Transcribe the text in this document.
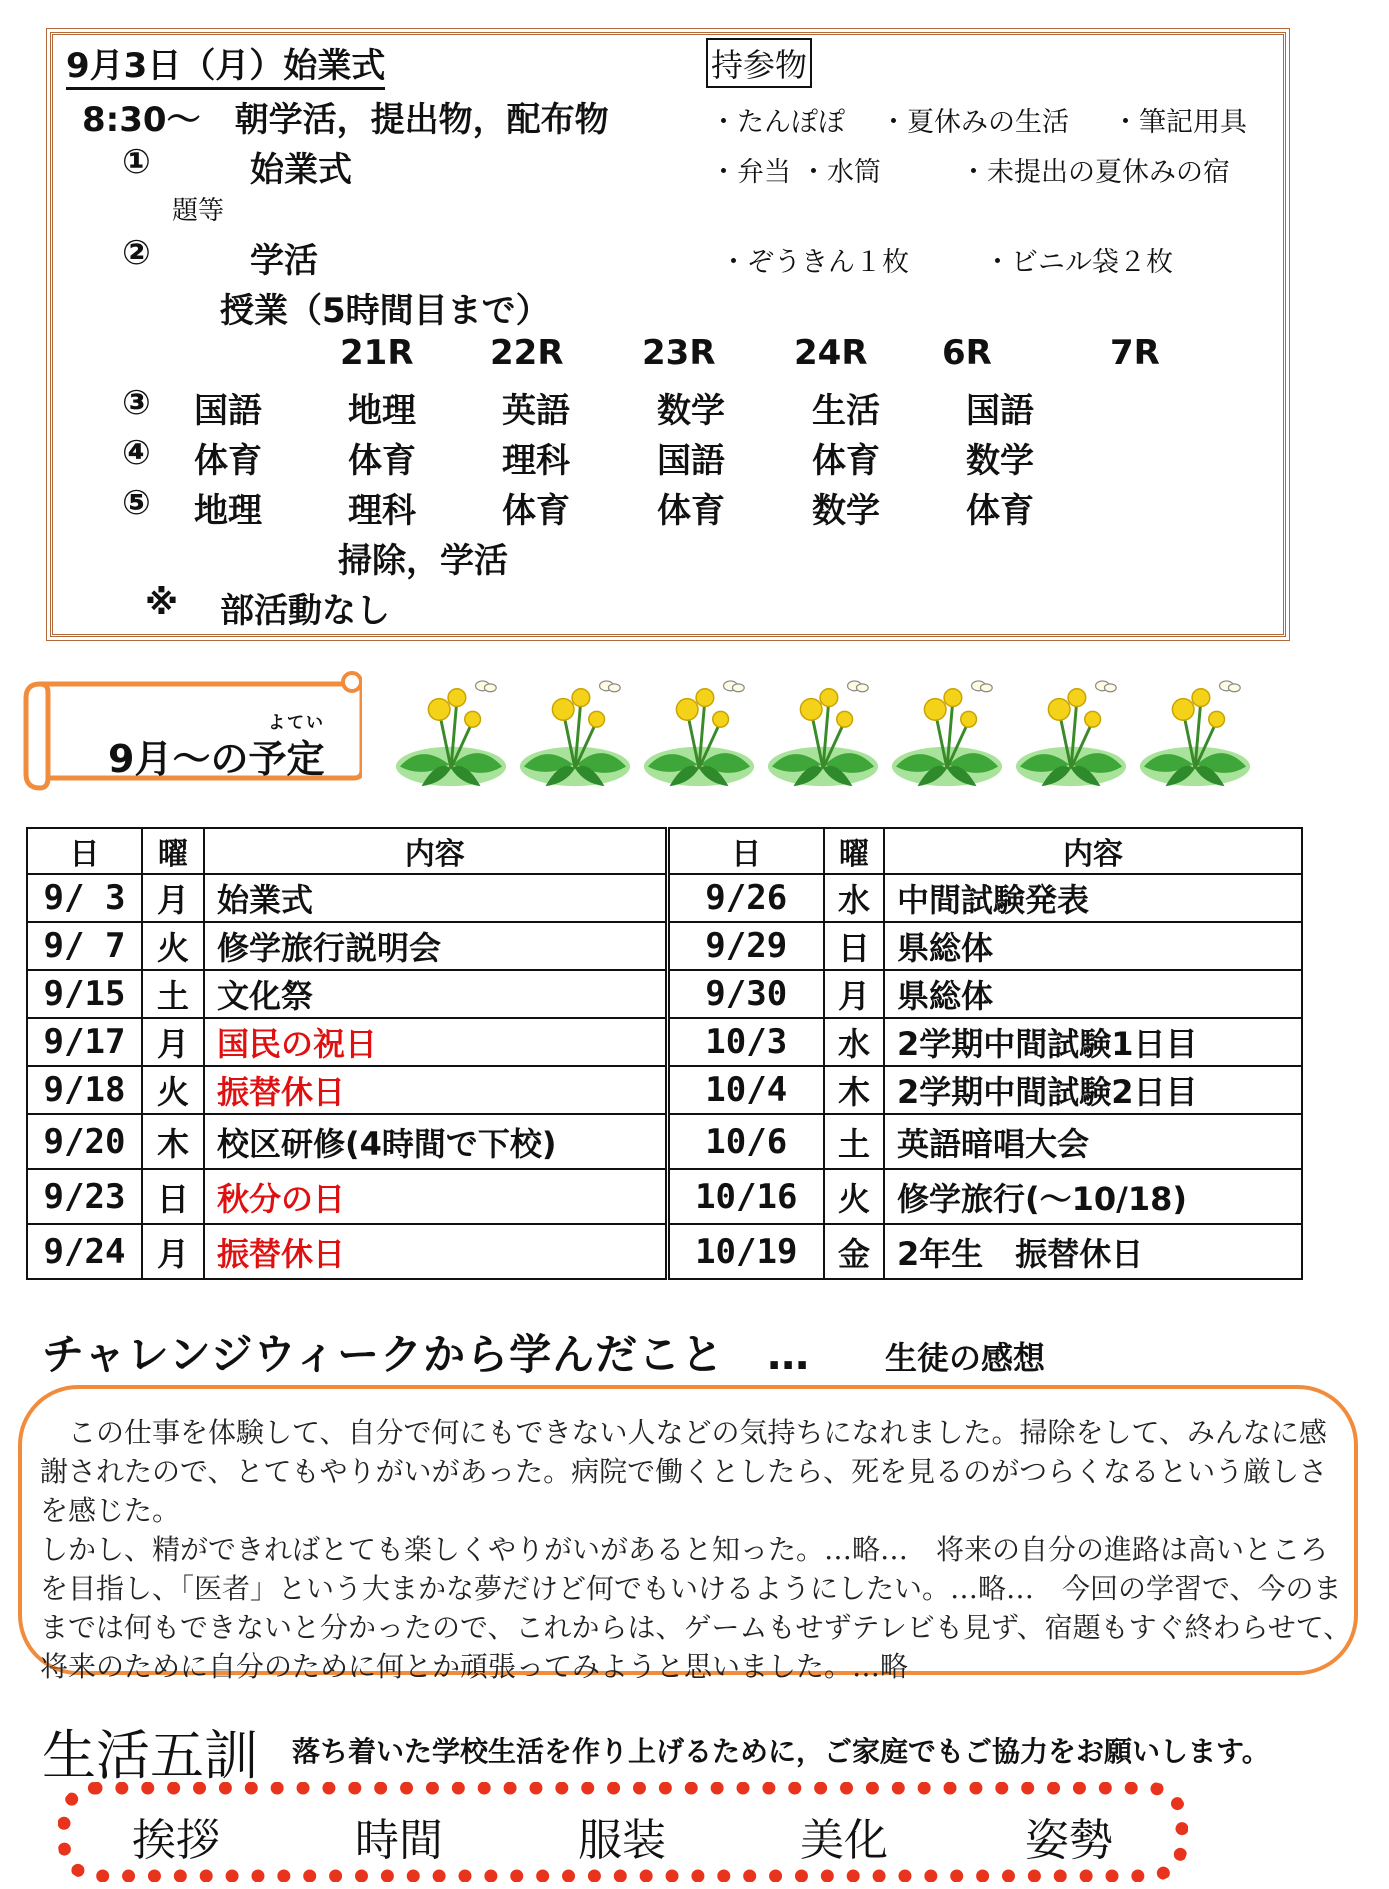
9月3日（月）始業式
8:30～　朝学活，提出物，配布物
①	始業式
題等
②	学活
授業（5時間目まで）
21R 22R 23R 24R 6R	7R
③ 国語	地理	英語	数学	生活	国語
④ 体育	体育	理科	国語	体育	数学
⑤ 地理	理科	体育	体育	数学	体育
掃除，学活
※ 部活動なし
持参物
・たんぽぽ ・夏休みの生活 ・筆記用具
・弁当 ・水筒	・未提出の夏休みの宿
・ぞうきん１枚	・ビニル袋２枚
9月～の予定
よてい
日	曜	内容	日	曜	内容
9/ 3	月	始業式	9/26	水	中間試験発表
9/ 7	火	修学旅行説明会	9/29	日	県総体
9/15	土	文化祭	9/30	月	県総体
9/17	月	国民の祝日	10/3	水	2学期中間試験1日目
9/18	火	振替休日	10/4	木	2学期中間試験2日目
9/20	木	校区研修(4時間で下校)	10/6	土	英語暗唱大会
9/23	日	秋分の日	10/16	火	修学旅行(～10/18)
9/24	月	振替休日	10/19	金	2年生　振替休日
チャレンジウィークから学んだこと　… 生徒の感想
　この仕事を体験して、自分で何にもできない人などの気持ちになれました。掃除をして、みんなに感謝されたので、とてもやりがいがあった。病院で働くとしたら、死を見るのがつらくなるという厳しさを感じた。
しかし、精ができればとても楽しくやりがいがあると知った。…略…　将来の自分の進路は高いところを目指し、「医者」という大まかな夢だけど何でもいけるようにしたい。…略…　今回の学習で、今のままでは何もできないと分かったので、これからは、ゲームもせずテレビも見ず、宿題もすぐ終わらせて、将来のために自分のために何とか頑張ってみようと思いました。…略
生活五訓 落ち着いた学校生活を作り上げるために，ご家庭でもご協力をお願いします。
挨拶	時間	服装	美化	姿勢
